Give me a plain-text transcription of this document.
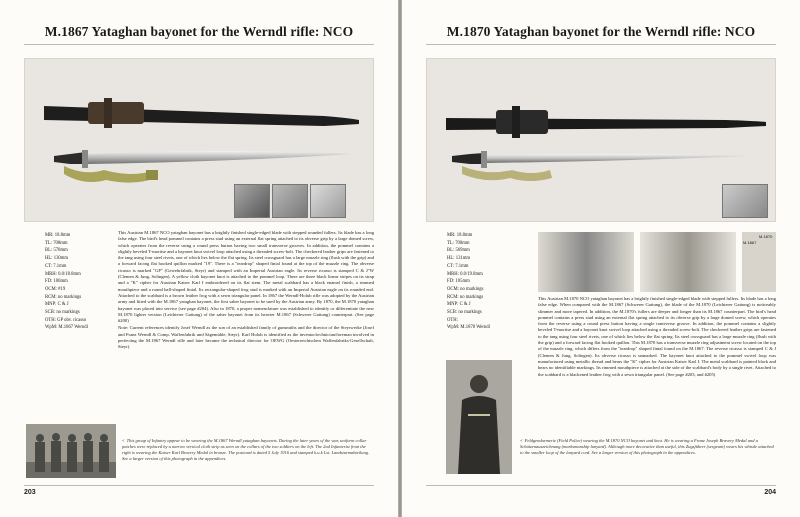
M.1867 Yataghan bayonet for the Werndl rifle: NCO
MR: 18.8mm
TL: 708mm
BL: 578mm
HL: 130mm
CT: 7.1mm
MRH: 0.0/18.8mm
FD: 106mm
OCM: #19
RCM: no markings
MNP: C & J
SCB: no markings
OTH: GP obv. ricasso
WpM: M.1867 Werndl

This Austrian M.1867 NCO yataghan bayonet has a brightly finished single-edged blade with stepped rounded fullers. Its blade has a long false edge. The bird's head pommel contains a press stud using an external flat spring attached to its obverse grip by a large domed screw, which operates from the reverse using a round press button having two small transverse grooves. In addition, the pommel contains a slightly beveled T-mortise and a bayonet knot swivel loop attached using a threaded screw-bolt. The checkered leather grips are fastened to the tang using four steel rivets, one of which lies below the flat spring. Its steel crossguard has a large muzzle ring (flush with the grip) and a forward facing flat hooked quillon marked "19". There is a "teardrop" shaped finial found at the top of the muzzle ring. The obverse ricasso is marked "GP" (Gewehrfabrik, Steyr) and stamped with an Imperial Austrian eagle. Its reverse ricasso is stamped C & J"W (Clemen & Jung, Solingen). A yellow cloth bayonet knot is attached to the pommel loop. There are three black linear stripes on its strap and a "K" cipher for Austrian Kaiser Karl I embroidered on its flat stem. The metal scabbard has a black enamel finish, a rimmed mouthpiece and a round ball-shaped finial. Its rectangular-shaped frog stud is marked with an Imperial Austrian eagle on its rounded end. Attached to the scabbard is a brown leather frog with a sewn triangular panel. In 1867 the Werndl-Holub rifle was adopted by the Austrian army and fitted with the M.1867 yataghan bayonet, the first saber bayonet to be used by the Austrian army. By 1870, the M.1870 yataghan bayonet was placed into service (see page #204). Also in 1870, a proper nomenclature was established to identify or differentiate the new M.1870 lighter version (Leichterer Gattung) of the saber bayonet from its heavier M.1867 (Schwerer Gattung) counterpart. (See page #200)

Note: Current references identify Josef Werndl as the son of an established family of gunsmiths and the director of the Steyrwerke (Josef and Franz Werndl & Comp. Waffenfabrik und Sägemühle, Steyr). Karl Holub is identified as the inventor/technician/foreman involved in perfecting the M.1867 Werndl rifle and later became the technical director for OEWG (Oesterreichischen Waffenfabriks-Gesellschaft, Steyr).

< This group of Infantry appear to be wearing the M.1867 Werndl yataghan bayonets. During the later years of the war, uniform collar patches were replaced by a narrow vertical cloth strip as seen on the collars of the two soldiers on the left. The 2nd Infanterist from the right is wearing the Kaiser Karl Bravery Medal in bronze. The postcard is dated 5 July 1916 and stamped k.u.k Lst. Landsturmabteilung. See a larger version of this photograph in the appendices.
203
M.1870 Yataghan bayonet for the Werndl rifle: NCO
M.1867
M.1870
MR: 18.8mm
TL: 700mm
BL: 569mm
HL: 131mm
CT: 7.1mm
MRH: 0.0/19.8mm
FD: 105mm
OCM: no markings
RCM: no markings
MNP: C & J
SCB: no markings
OTH:
WpM: M.1870 Werndl

This Austrian M.1870 NCO yataghan bayonet has a brightly finished single-edged blade with stepped fullers. Its blade has a long false edge. When compared with the M.1867 (Schwerer Gattung), the blade of the M.1870 (Leichterer Gattung) is noticeably slimmer and more tapered. In addition, the M.1870's fullers are deeper and longer than its M.1867 counterpart. The bird's head pommel contains a press stud using an external flat spring attached to its obverse grip by a large domed screw, which operates from the reverse using a round press button having a single transverse groove. In addition, the pommel contains a slightly beveled T-mortise and a bayonet knot swivel loop attached using a threaded screw-bolt. The checkered leather grips are fastened to the tang using four steel rivets, one of which lies below the flat spring. Its steel crossguard has a large muzzle ring (flush with the grip) and a forward facing flat hooked quillon. This M.1870 has a transverse muzzle ring adjustment screw located on the top of the muzzle ring, which differs from the "teardrop" shaped finial found on the M.1867. The reverse ricasso is stamped C & J (Clemen & Jung, Solingen). Its obverse ricasso is unmarked. The bayonet knot attached to the pommel swivel loop was manufactured using metallic thread and bears the "K" cipher for Austrian Kaiser Karl I. The metal scabbard is painted black and bears no identifiable markings. Its rimmed mouthpiece is attached at the side of the scabbard's body by a single rivet. Attached to the scabbard is a blackened leather frog with a sewn triangular panel. (See page #203, and #205)

< Feldgendarmerie (Field Police) wearing the M.1870 NCO bayonet and knot. He is wearing a Franz Joseph Bravery Medal and a Schützenauszeichnung (marksmanship lanyard). Although more decorative than useful, this Zugsführer (sergeant) wears his whistle attached to the smaller loop of the lanyard cord. See a larger version of this photograph in the appendices.
204
